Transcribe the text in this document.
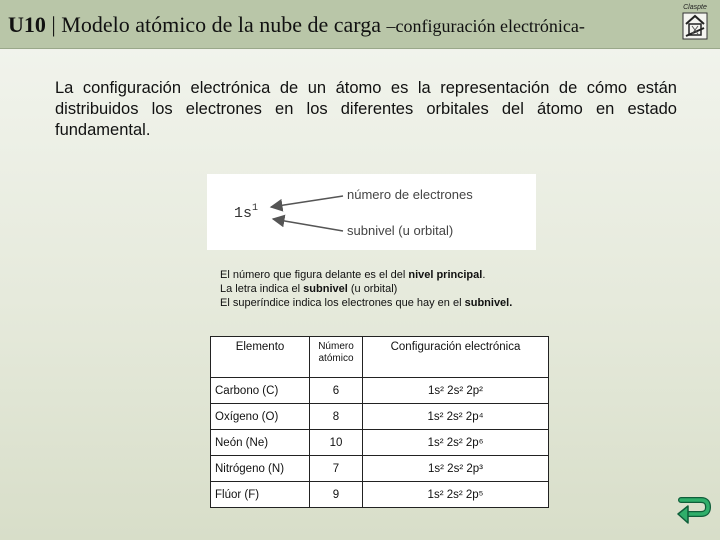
U10 | Modelo atómico de la nube de carga –configuración electrónica-
Claspte

La configuración electrónica de un átomo es la representación de cómo están distribuidos los electrones en los diferentes orbitales del átomo en estado fundamental.

$1s^1$
número de electrones
subnivel (u orbital)
El número que figura delante es el del nivel principal.
La letra indica el subnivel (u orbital)
El superíndice indica los electrones que hay en el subnivel.
Elemento	Número atómico	Configuración electrónica
Carbono (C)	6	1s² 2s² 2p²
Oxígeno (O)	8	1s² 2s² 2p⁴
Neón (Ne)	10	1s² 2s² 2p⁶
Nitrógeno (N)	7	1s² 2s² 2p³
Flúor (F)	9	1s² 2s² 2p⁵
